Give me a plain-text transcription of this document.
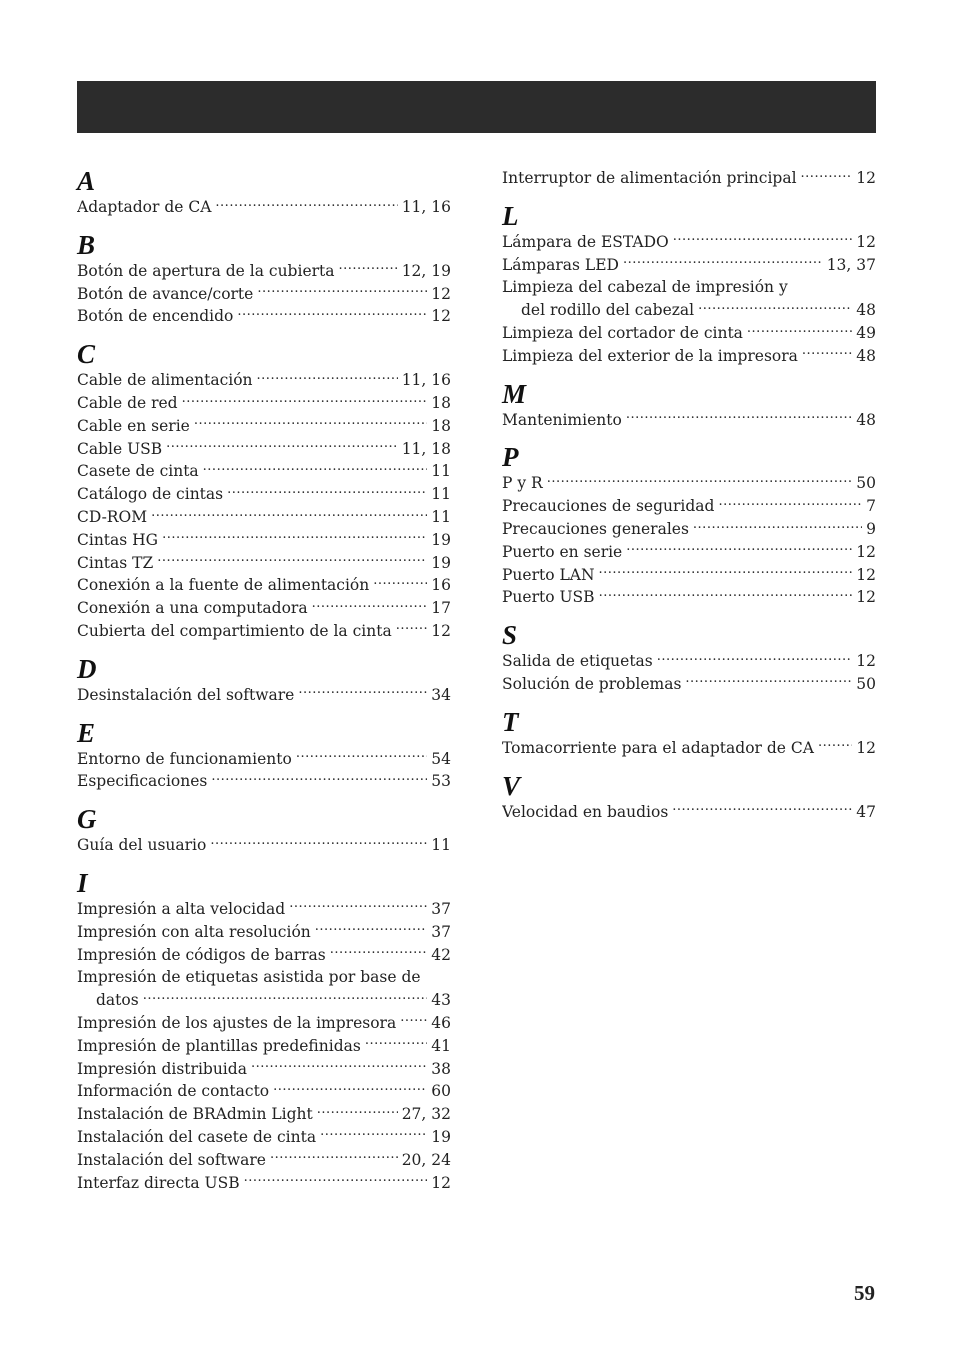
A
Adaptador de CA .....	11, 16
B
Botón de apertura de la cubierta .....	12, 19
Botón de avance/corte .....	12
Botón de encendido .....	12
C
Cable de alimentación .....	11, 16
Cable de red .....	18
Cable en serie .....	18
Cable USB .....	11, 18
Casete de cinta .....	11
Catálogo de cintas .....	11
CD-ROM .....	11
Cintas HG .....	19
Cintas TZ .....	19
Conexión a la fuente de alimentación .....	16
Conexión a una computadora .....	17
Cubierta del compartimiento de la cinta .....	12
D
Desinstalación del software .....	34
E
Entorno de funcionamiento .....	54
Especificaciones .....	53
G
Guía del usuario .....	11
I
Impresión a alta velocidad .....	37
Impresión con alta resolución .....	37
Impresión de códigos de barras .....	42
Impresión de etiquetas asistida por base de
datos .....	43
Impresión de los ajustes de la impresora ..... 46
Impresión de plantillas predefinidas .....	41
Impresión distribuida .....	38
Información de contacto .....	60
Instalación de BRAdmin Light .....	27, 32
Instalación del casete de cinta .....	19
Instalación del software .....	20, 24
Interfaz directa USB .....	12
Interruptor de alimentación principal .....	12
L
Lámpara de ESTADO .....	12
Lámparas LED .....	13, 37
Limpieza del cabezal de impresión y
del rodillo del cabezal .....	48
Limpieza del cortador de cinta .....	49
Limpieza del exterior de la impresora .....	48
M
Mantenimiento .....	48
P
P y R .....	50
Precauciones de seguridad .....	7
Precauciones generales .....	9
Puerto en serie .....	12
Puerto LAN .....	12
Puerto USB .....	12
S
Salida de etiquetas .....	12
Solución de problemas .....	50
T
Tomacorriente para el adaptador de CA .....	12
V
Velocidad en baudios .....	47
59
